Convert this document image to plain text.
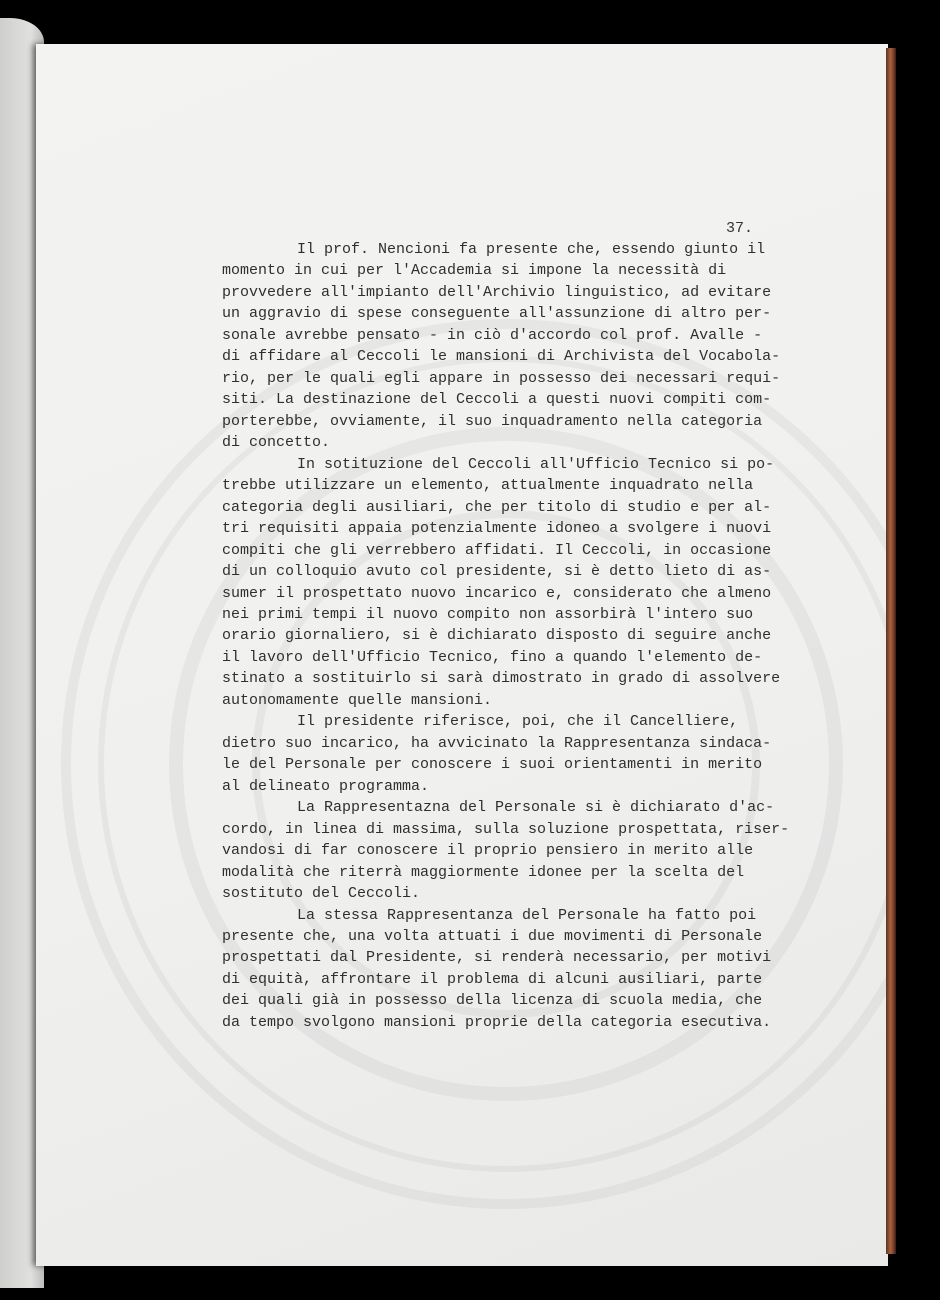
37.
Il prof. Nencioni fa presente che, essendo giunto il
momento in cui per l'Accademia si impone la necessità di
provvedere all'impianto dell'Archivio linguistico, ad evitare
un aggravio di spese conseguente all'assunzione di altro per-
sonale avrebbe pensato - in ciò d'accordo col prof. Avalle -
di affidare al Ceccoli le mansioni di Archivista del Vocabola-
rio, per le quali egli appare in possesso dei necessari requi-
siti. La destinazione del Ceccoli a questi nuovi compiti com-
porterebbe, ovviamente, il suo inquadramento nella categoria
di concetto.
In sotituzione del Ceccoli all'Ufficio Tecnico si po-
trebbe utilizzare un elemento, attualmente inquadrato nella
categoria degli ausiliari, che per titolo di studio e per al-
tri requisiti appaia potenzialmente idoneo a svolgere i nuovi
compiti che gli verrebbero affidati. Il Ceccoli, in occasione
di un colloquio avuto col presidente, si è detto lieto di as-
sumer il prospettato nuovo incarico e, considerato che almeno
nei primi tempi il nuovo compito non assorbirà l'intero suo
orario giornaliero, si è dichiarato disposto di seguire anche
il lavoro dell'Ufficio Tecnico, fino a quando l'elemento de-
stinato a sostituirlo si sarà dimostrato in grado di assolvere
autonomamente quelle mansioni.
Il presidente riferisce, poi, che il Cancelliere,
dietro suo incarico, ha avvicinato la Rappresentanza sindaca-
le del Personale per conoscere i suoi orientamenti in merito
al delineato programma.
La Rappresentazna del Personale si è dichiarato d'ac-
cordo, in linea di massima, sulla soluzione prospettata, riser-
vandosi di far conoscere il proprio pensiero in merito alle
modalità che riterrà maggiormente idonee per la scelta del
sostituto del Ceccoli.
La stessa Rappresentanza del Personale ha fatto poi
presente che, una volta attuati i due movimenti di Personale
prospettati dal Presidente, si renderà necessario, per motivi
di equità, affrontare il problema di alcuni ausiliari, parte
dei quali già in possesso della licenza di scuola media, che
da tempo svolgono mansioni proprie della categoria esecutiva.
